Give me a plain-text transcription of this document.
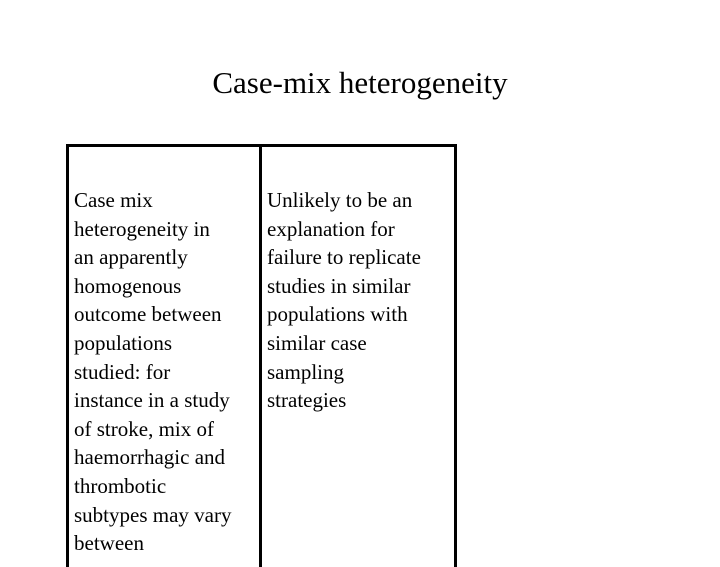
Case-mix heterogeneity
Case mix
heterogeneity in
an apparently
homogenous
outcome between
populations
studied: for
instance in a study
of stroke, mix of
haemorrhagic and
thrombotic
subtypes may vary
between
Unlikely to be an
explanation for
failure to replicate
studies in similar
populations with
similar case
sampling
strategies
